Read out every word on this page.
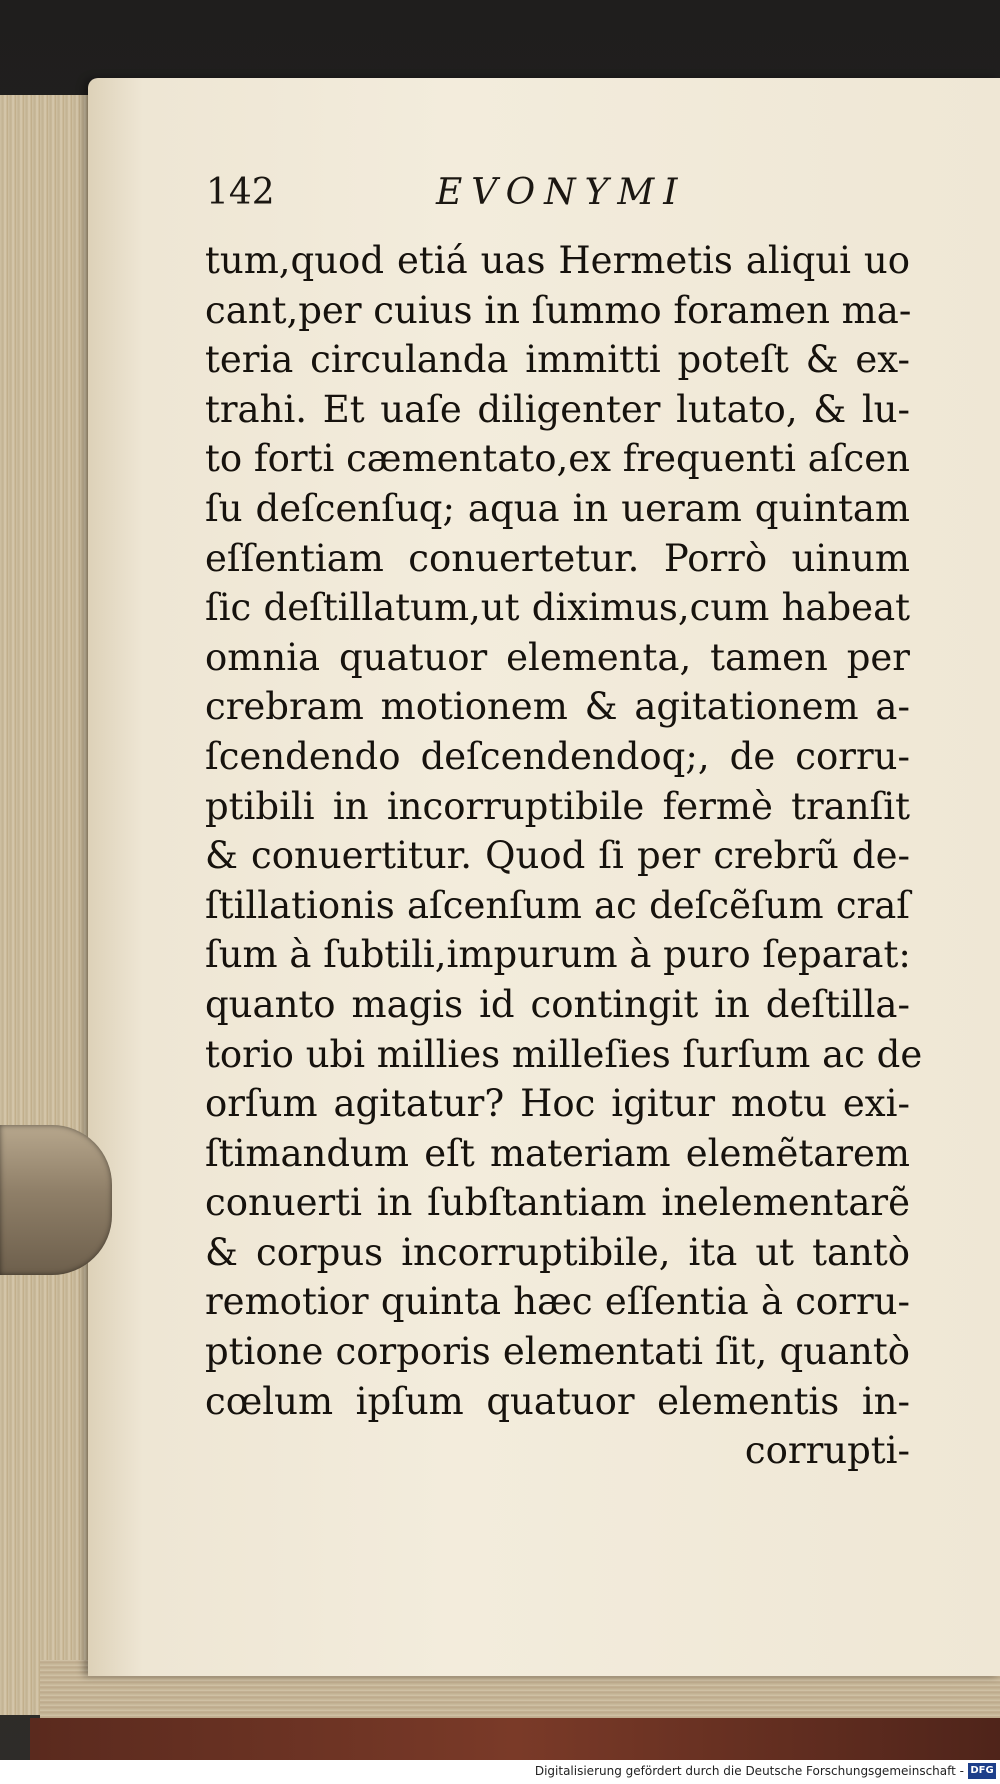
142	EVONYMI
tum,quod etiá uas Hermetis aliqui uo
cant,per cuius in ſummo foramen ma-
teria circulanda immitti poteſt & ex-
trahi. Et uaſe diligenter lutato, & lu-
to forti cæmentato,ex frequenti aſcen
ſu deſcenſuq; aqua in ueram quintam
eſſentiam conuertetur. Porrò uinum
ſic deſtillatum,ut diximus,cum habeat
omnia quatuor elementa, tamen per
crebram motionem & agitationem a-
ſcendendo deſcendendoq;, de corru-
ptibili in incorruptibile fermè tranſit
& conuertitur. Quod ſi per crebrũ de-
ſtillationis aſcenſum ac deſcẽſum craſ
ſum à ſubtili,impurum à puro ſeparat:
quanto magis id contingit in deſtilla-
torio ubi millies milleſies ſurſum ac de
orſum agitatur? Hoc igitur motu exi-
ſtimandum eſt materiam elemẽtarem
conuerti in ſubſtantiam inelementarẽ
& corpus incorruptibile, ita ut tantò
remotior quinta hæc eſſentia à corru-
ptione corporis elementati ſit, quantò
cœlum ipſum quatuor elementis in-
corrupti-
Digitalisierung gefördert durch die Deutsche Forschungsgemeinschaft - DFG
